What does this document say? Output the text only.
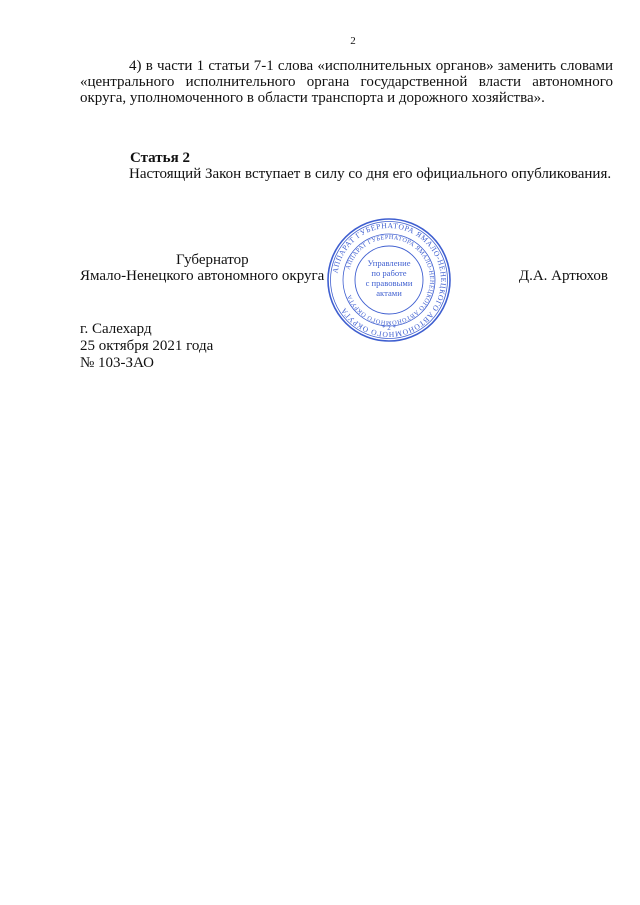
2
4) в части 1 статьи 7-1 слова «исполнительных органов» заменить словами «центрального исполнительного органа государственной власти автономного округа, уполномоченного в области транспорта и дорожного хозяйства».
Статья 2
Настоящий Закон вступает в силу со дня его официального опубликования.
Губернатор
Ямало-Ненецкого автономного округа	Д.А. Артюхов
г. Салехард
25 октября 2021 года
№ 103-ЗАО
АППАРАТ ГУБЕРНАТОРА ЯМАЛО-НЕНЕЦКОГО АВТОНОМНОГО ОКРУГА
АППАРАТ ГУБЕРНАТОРА ЯМАЛО-НЕНЕЦКОГО АВТОНОМНОГО ОКРУГА
Управление
по работе
с правовыми
актами
* 2 *
